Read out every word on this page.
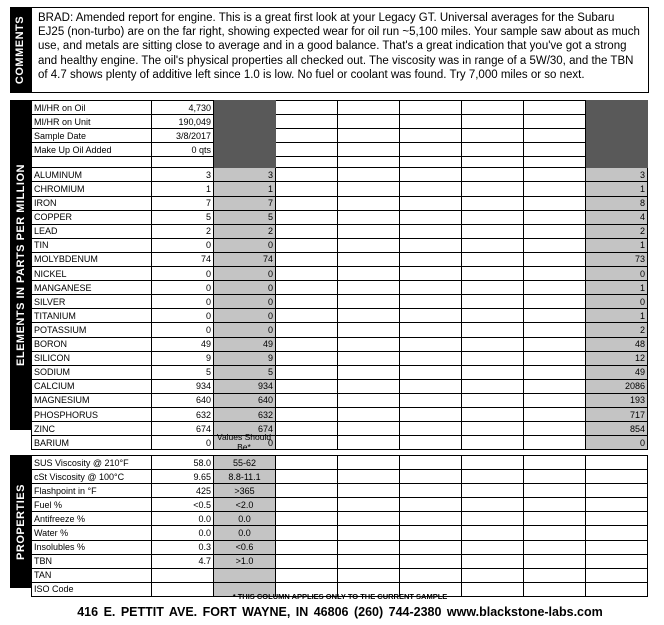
COMMENTS BRAD: Amended report for engine. This is a great first look at your Legacy GT. Universal averages for the Subaru EJ25 (non-turbo) are on the far right, showing expected wear for oil run ~5,100 miles. Your sample saw about as much use, and metals are sitting close to average and in a good balance. That's a great indication that you've got a strong and healthy engine. The oil's physical properties all checked out. The viscosity was in range of a 5W/30, and the TBN of 4.7 shows plenty of additive left since 1.0 is low. No fuel or coolant was found. Try 7,000 miles or so next.
ELEMENTS IN PARTS PER MILLION
MI/HR on Oil	4,730							
MI/HR on Unit	190,049							
Sample Date	3/8/2017							
Make Up Oil Added	0 qts							

ALUMINUM	3	3						3
CHROMIUM	1	1						1
IRON	7	7						8
COPPER	5	5						4
LEAD	2	2						2
TIN	0	0						1
MOLYBDENUM	74	74						73
NICKEL	0	0						0
MANGANESE	0	0						1
SILVER	0	0						0
TITANIUM	0	0						1
POTASSIUM	0	0						2
BORON	49	49						48
SILICON	9	9						12
SODIUM	5	5						49
CALCIUM	934	934						2086
MAGNESIUM	640	640						193
PHOSPHORUS	632	632						717
ZINC	674	674						854
BARIUM	0	0						0
Values Should Be*
PROPERTIES
SUS Viscosity @ 210°F	58.0	55-62						
cSt Viscosity @ 100°C	9.65	8.8-11.1						
Flashpoint in °F	425	>365						
Fuel %	<0.5	<2.0						
Antifreeze %	0.0	0.0						
Water %	0.0	0.0						
Insolubles %	0.3	<0.6						
TBN	4.7	>1.0						
TAN								
ISO Code								
* THIS COLUMN APPLIES ONLY TO THE CURRENT SAMPLE
416 E. PETTIT AVE. FORT WAYNE, IN 46806 (260) 744-2380 www.blackstone-labs.com
